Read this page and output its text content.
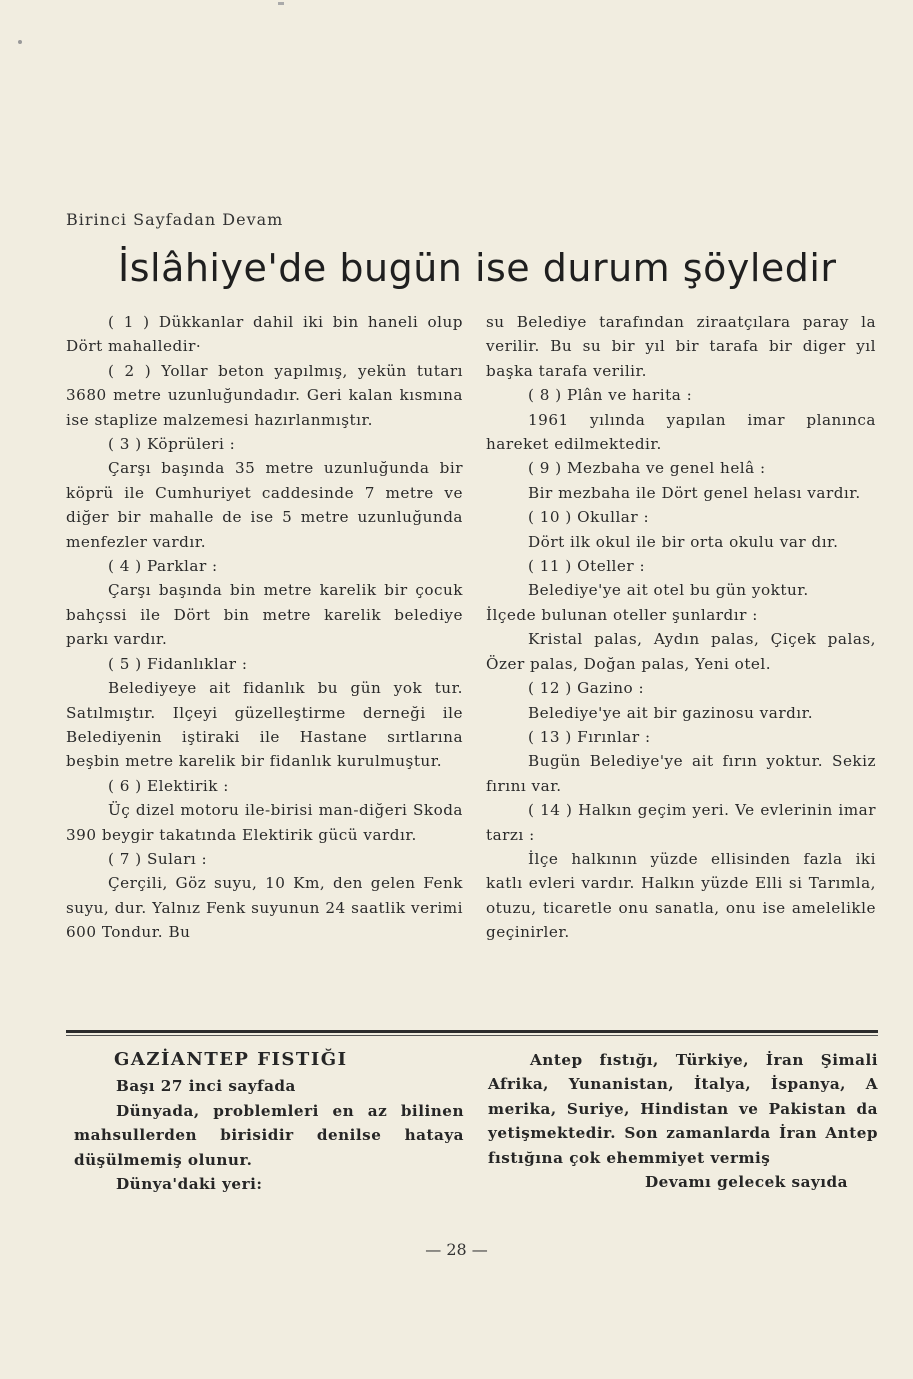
Birinci Sayfadan Devam
İslâhiye'de bugün ise durum şöyledir

( 1 ) Dükkanlar dahil iki bin haneli olup Dört mahalledir·

( 2 ) Yollar beton yapılmış, yekün tutarı 3680 metre uzunluğundadır. Geri kalan kısmına ise staplize malzemesi hazırlanmıştır.

( 3 ) Köprüleri :

Çarşı başında 35 metre uzunluğunda bir köprü ile Cumhuriyet caddesinde 7 metre ve diğer bir mahalle de ise 5 metre uzunluğunda menfezler vardır.

( 4 ) Parklar :

Çarşı başında bin metre karelik bir çocuk bahçssi ile Dört bin metre karelik belediye parkı vardır.

( 5 ) Fidanlıklar :

Belediyeye ait fidanlık bu gün yok tur. Satılmıştır. Ilçeyi güzelleştirme derneği ile Belediyenin iştiraki ile Hastane sırtlarına beşbin metre karelik bir fidanlık kurulmuştur.

( 6 ) Elektirik :

Üç dizel motoru ile-birisi man-diğeri Skoda 390 beygir takatında Elektirik gücü vardır.

( 7 ) Suları :

Çerçili, Göz suyu, 10 Km, den gelen Fenk suyu, dur. Yalnız Fenk suyunun 24 saatlik verimi 600 Tondur. Bu

su Belediye tarafından ziraatçılara paray la verilir. Bu su bir yıl bir tarafa bir diger yıl başka tarafa verilir.

( 8 ) Plân ve harita :

1961 yılında yapılan imar planınca hareket edilmektedir.

( 9 ) Mezbaha ve genel helâ :

Bir mezbaha ile Dört genel helası vardır.

( 10 ) Okullar :

Dört ilk okul ile bir orta okulu var dır.

( 11 ) Oteller :

Belediye'ye ait otel bu gün yoktur.

İlçede bulunan oteller şunlardır :

Kristal palas, Aydın palas, Çiçek palas, Özer palas, Doğan palas, Yeni otel.

( 12 ) Gazino :

Belediye'ye ait bir gazinosu vardır.

( 13 ) Fırınlar :

Bugün Belediye'ye ait fırın yoktur. Sekiz fırını var.

( 14 ) Halkın geçim yeri. Ve evlerinin imar tarzı :

İlçe halkının yüzde ellisinden fazla iki katlı evleri vardır. Halkın yüzde Elli si Tarımla, otuzu, ticaretle onu sanatla, onu ise amelelikle geçinirler.

GAZİANTEP FISTIĞI

Başı 27 inci sayfada

Dünyada, problemleri en az bilinen mahsullerden birisidir denilse hataya düşülmemiş olunur.

Dünya'daki yeri:

Antep fıstığı, Türkiye, İran Şimali Afrika, Yunanistan, İtalya, İspanya, A merika, Suriye, Hindistan ve Pakistan da yetişmektedir. Son zamanlarda İran Antep fıstığına çok ehemmiyet vermiş

Devamı gelecek sayıda

— 28 —
